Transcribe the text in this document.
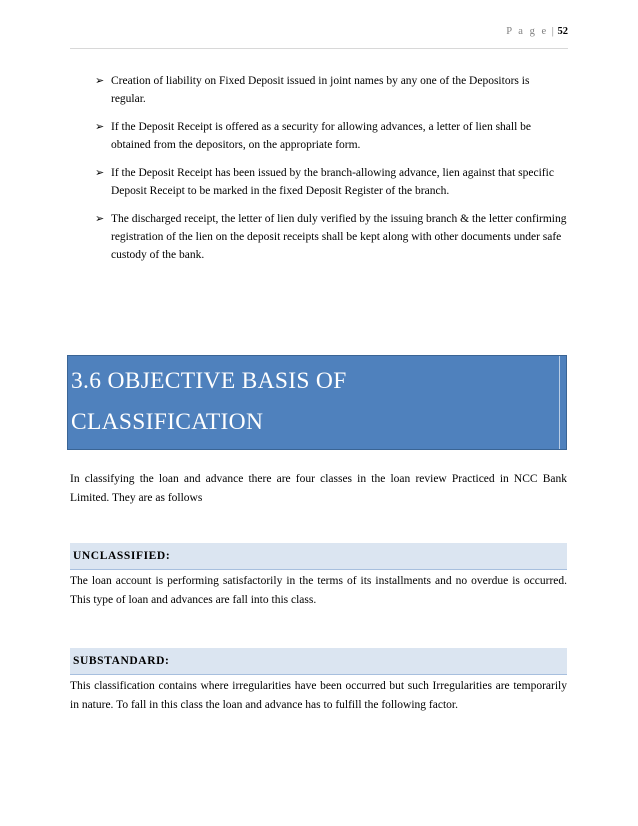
P a g e | 52
➢ Creation of liability on Fixed Deposit issued in joint names by any one of the Depositors is regular.
➢ If the Deposit Receipt is offered as a security for allowing advances, a letter of lien shall be obtained from the depositors, on the appropriate form.
➢ If the Deposit Receipt has been issued by the branch-allowing advance, lien against that specific Deposit Receipt to be marked in the fixed Deposit Register of the branch.
➢ The discharged receipt, the letter of lien duly verified by the issuing branch & the letter confirming registration of the lien on the deposit receipts shall be kept along with other documents under safe custody of the bank.
3.6 OBJECTIVE BASIS OF
CLASSIFICATION

In classifying the loan and advance there are four classes in the loan review Practiced in NCC Bank Limited. They are as follows

UNCLASSIFIED:

The loan account is performing satisfactorily in the terms of its installments and no overdue is occurred. This type of loan and advances are fall into this class.

SUBSTANDARD:

This classification contains where irregularities have been occurred but such Irregularities are temporarily in nature. To fall in this class the loan and advance has to fulfill the following factor.
